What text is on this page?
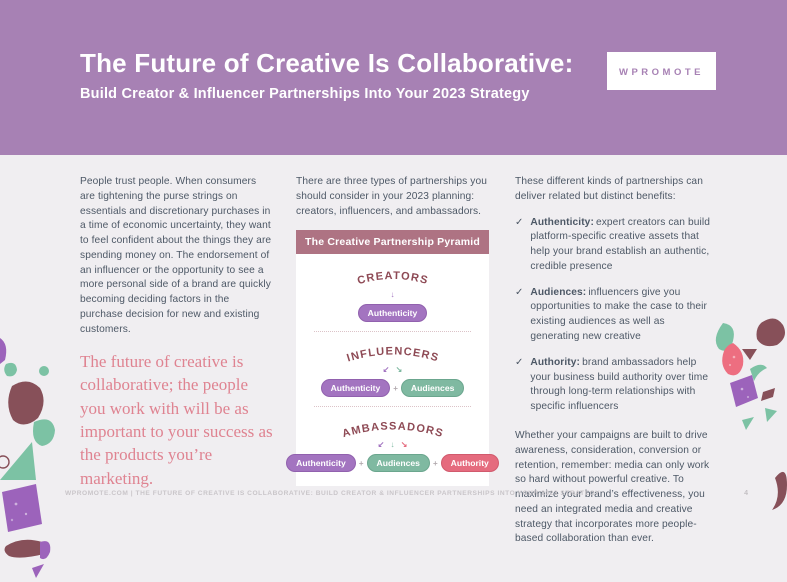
The Future of Creative Is Collaborative:
Build Creator & Influencer Partnerships Into Your 2023 Strategy
WPROMOTE

People trust people. When consumers are tightening the purse strings on essentials and discretionary purchases in a time of economic uncertainty, they want to feel confident about the things they are spending money on. The endorsement of an influencer or the opportunity to see a more personal side of a brand are quickly becoming deciding factors in the purchase decision for new and existing customers.

The future of creative is collaborative; the people you work with will be as important to your success as the products you’re marketing.

There are three types of partnerships you should consider in your 2023 planning: creators, influencers, and ambassadors.

The Creative Partnership Pyramid
CREATORS
↓
Authenticity
INFLUENCERS
↙ ↘
Authenticity	+	Audiences
AMBASSADORS
↙ ↓ ↘
Authenticity	+	Audiences	+	Authority

These different kinds of partnerships can deliver related but distinct benefits:

✓ Authenticity: expert creators can build platform-specific creative assets that help your brand establish an authentic, credible presence
✓ Audiences: influencers give you opportunities to make the case to their existing audiences as well as generating new creative
✓ Authority: brand ambassadors help your business build authority over time through long-term relationships with specific influencers

Whether your campaigns are built to drive awareness, consideration, conversion or retention, remember: media can only work so hard without powerful creative. To maximize your brand’s effectiveness, you need an integrated media and creative strategy that incorporates more people-based collaboration than ever.

WPROMOTE.COM | THE FUTURE OF CREATIVE IS COLLABORATIVE: BUILD CREATOR & INFLUENCER PARTNERSHIPS INTO YOUR 2023 STRATEGY	4
